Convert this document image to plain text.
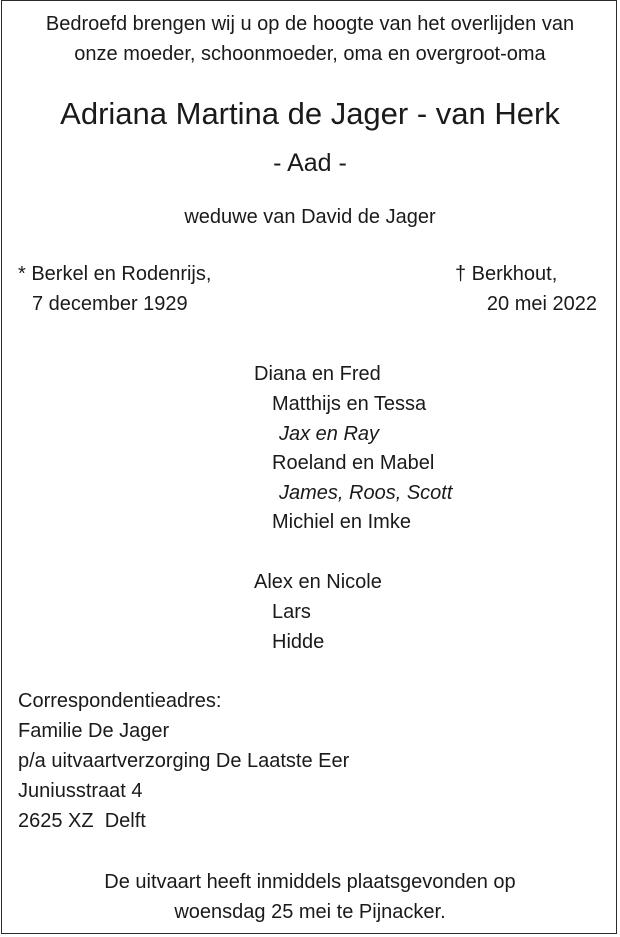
Bedroefd brengen wij u op de hoogte van het overlijden van
onze moeder, schoonmoeder, oma en overgroot-oma
Adriana Martina de Jager - van Herk
- Aad -
weduwe van David de Jager
* Berkel en Rodenrijs,
7 december 1929
† Berkhout,
20 mei 2022
Diana en Fred
Matthijs en Tessa
Jax en Ray
Roeland en Mabel
James, Roos, Scott
Michiel en Imke
Alex en Nicole
Lars
Hidde
Correspondentieadres:
Familie De Jager
p/a uitvaartverzorging De Laatste Eer
Juniusstraat 4
2625 XZ  Delft
De uitvaart heeft inmiddels plaatsgevonden op
woensdag 25 mei te Pijnacker.
